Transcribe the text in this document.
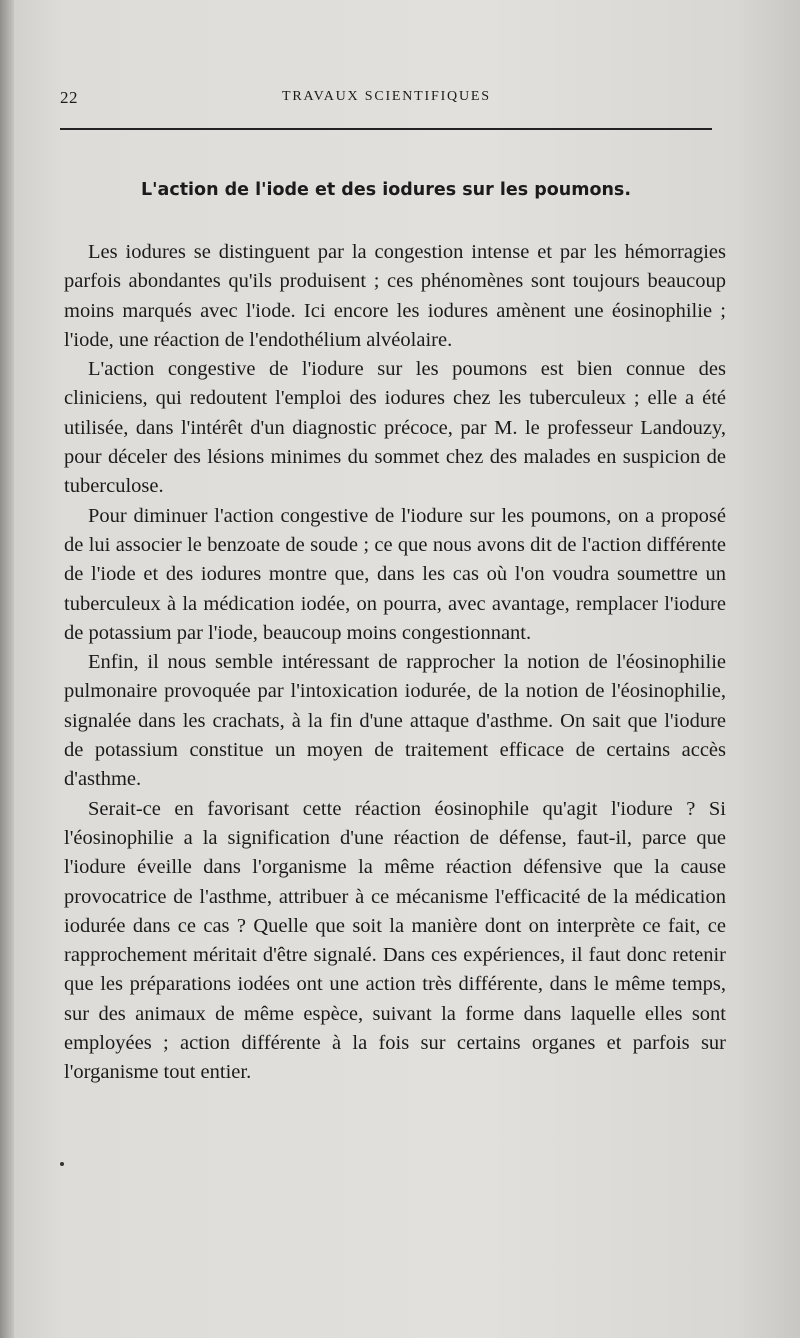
22	TRAVAUX SCIENTIFIQUES
L'action de l'iode et des iodures sur les poumons.

Les iodures se distinguent par la congestion intense et par les hémorragies parfois abondantes qu'ils produisent ; ces phénomènes sont toujours beaucoup moins marqués avec l'iode. Ici encore les iodures amènent une éosinophilie ; l'iode, une réaction de l'endothélium alvéolaire.

L'action congestive de l'iodure sur les poumons est bien connue des cliniciens, qui redoutent l'emploi des iodures chez les tuberculeux ; elle a été utilisée, dans l'intérêt d'un diagnostic précoce, par M. le professeur Landouzy, pour déceler des lésions minimes du sommet chez des malades en suspicion de tuberculose.

Pour diminuer l'action congestive de l'iodure sur les poumons, on a proposé de lui associer le benzoate de soude ; ce que nous avons dit de l'action différente de l'iode et des iodures montre que, dans les cas où l'on voudra soumettre un tuberculeux à la médication iodée, on pourra, avec avantage, remplacer l'iodure de potassium par l'iode, beaucoup moins congestionnant.

Enfin, il nous semble intéressant de rapprocher la notion de l'éosinophilie pulmonaire provoquée par l'intoxication iodurée, de la notion de l'éosinophilie, signalée dans les crachats, à la fin d'une attaque d'asthme. On sait que l'iodure de potassium constitue un moyen de traitement efficace de certains accès d'asthme.

Serait-ce en favorisant cette réaction éosinophile qu'agit l'iodure ? Si l'éosinophilie a la signification d'une réaction de défense, faut-il, parce que l'iodure éveille dans l'organisme la même réaction défensive que la cause provocatrice de l'asthme, attribuer à ce mécanisme l'efficacité de la médication iodurée dans ce cas ? Quelle que soit la manière dont on interprète ce fait, ce rapprochement méritait d'être signalé. Dans ces expériences, il faut donc retenir que les préparations iodées ont une action très différente, dans le même temps, sur des animaux de même espèce, suivant la forme dans laquelle elles sont employées ; action différente à la fois sur certains organes et parfois sur l'organisme tout entier.
